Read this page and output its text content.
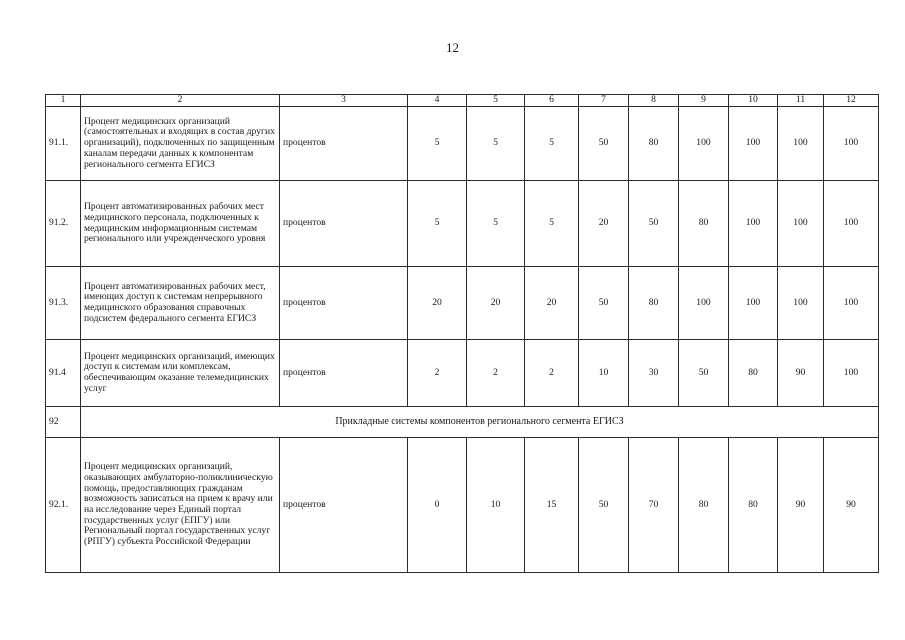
12
1	2	3	4	5	6	7	8	9	10	11	12
91.1.	Процент медицинских организаций (самостоятельных и входящих в состав других организаций), подключенных по защищенным каналам передачи данных к компонентам регионального сегмента ЕГИСЗ	процентов	5	5	5	50	80	100	100	100	100
91.2.	Процент автоматизированных рабочих мест медицинского персонала, подключенных к медицинским информационным системам регионального или учрежденческого уровня	процентов	5	5	5	20	50	80	100	100	100
91.3.	Процент автоматизированных рабочих мест, имеющих доступ к системам непрерывного медицинского образования справочных подсистем федерального сегмента ЕГИСЗ	процентов	20	20	20	50	80	100	100	100	100
91.4	Процент медицинских организаций, имеющих доступ к системам или комплексам, обеспечивающим оказание телемедицинских услуг	процентов	2	2	2	10	30	50	80	90	100
92	Прикладные системы компонентов регионального сегмента ЕГИСЗ										
92.1.	Процент медицинских организаций, оказывающих амбулаторно-поликлиническую помощь, предоставляющих гражданам возможность записаться на прием к врачу или на исследование через Единый портал государственных услуг (ЕПГУ) или Региональный портал государственных услуг (РПГУ) субъекта Российской Федерации	процентов	0	10	15	50	70	80	80	90	90
